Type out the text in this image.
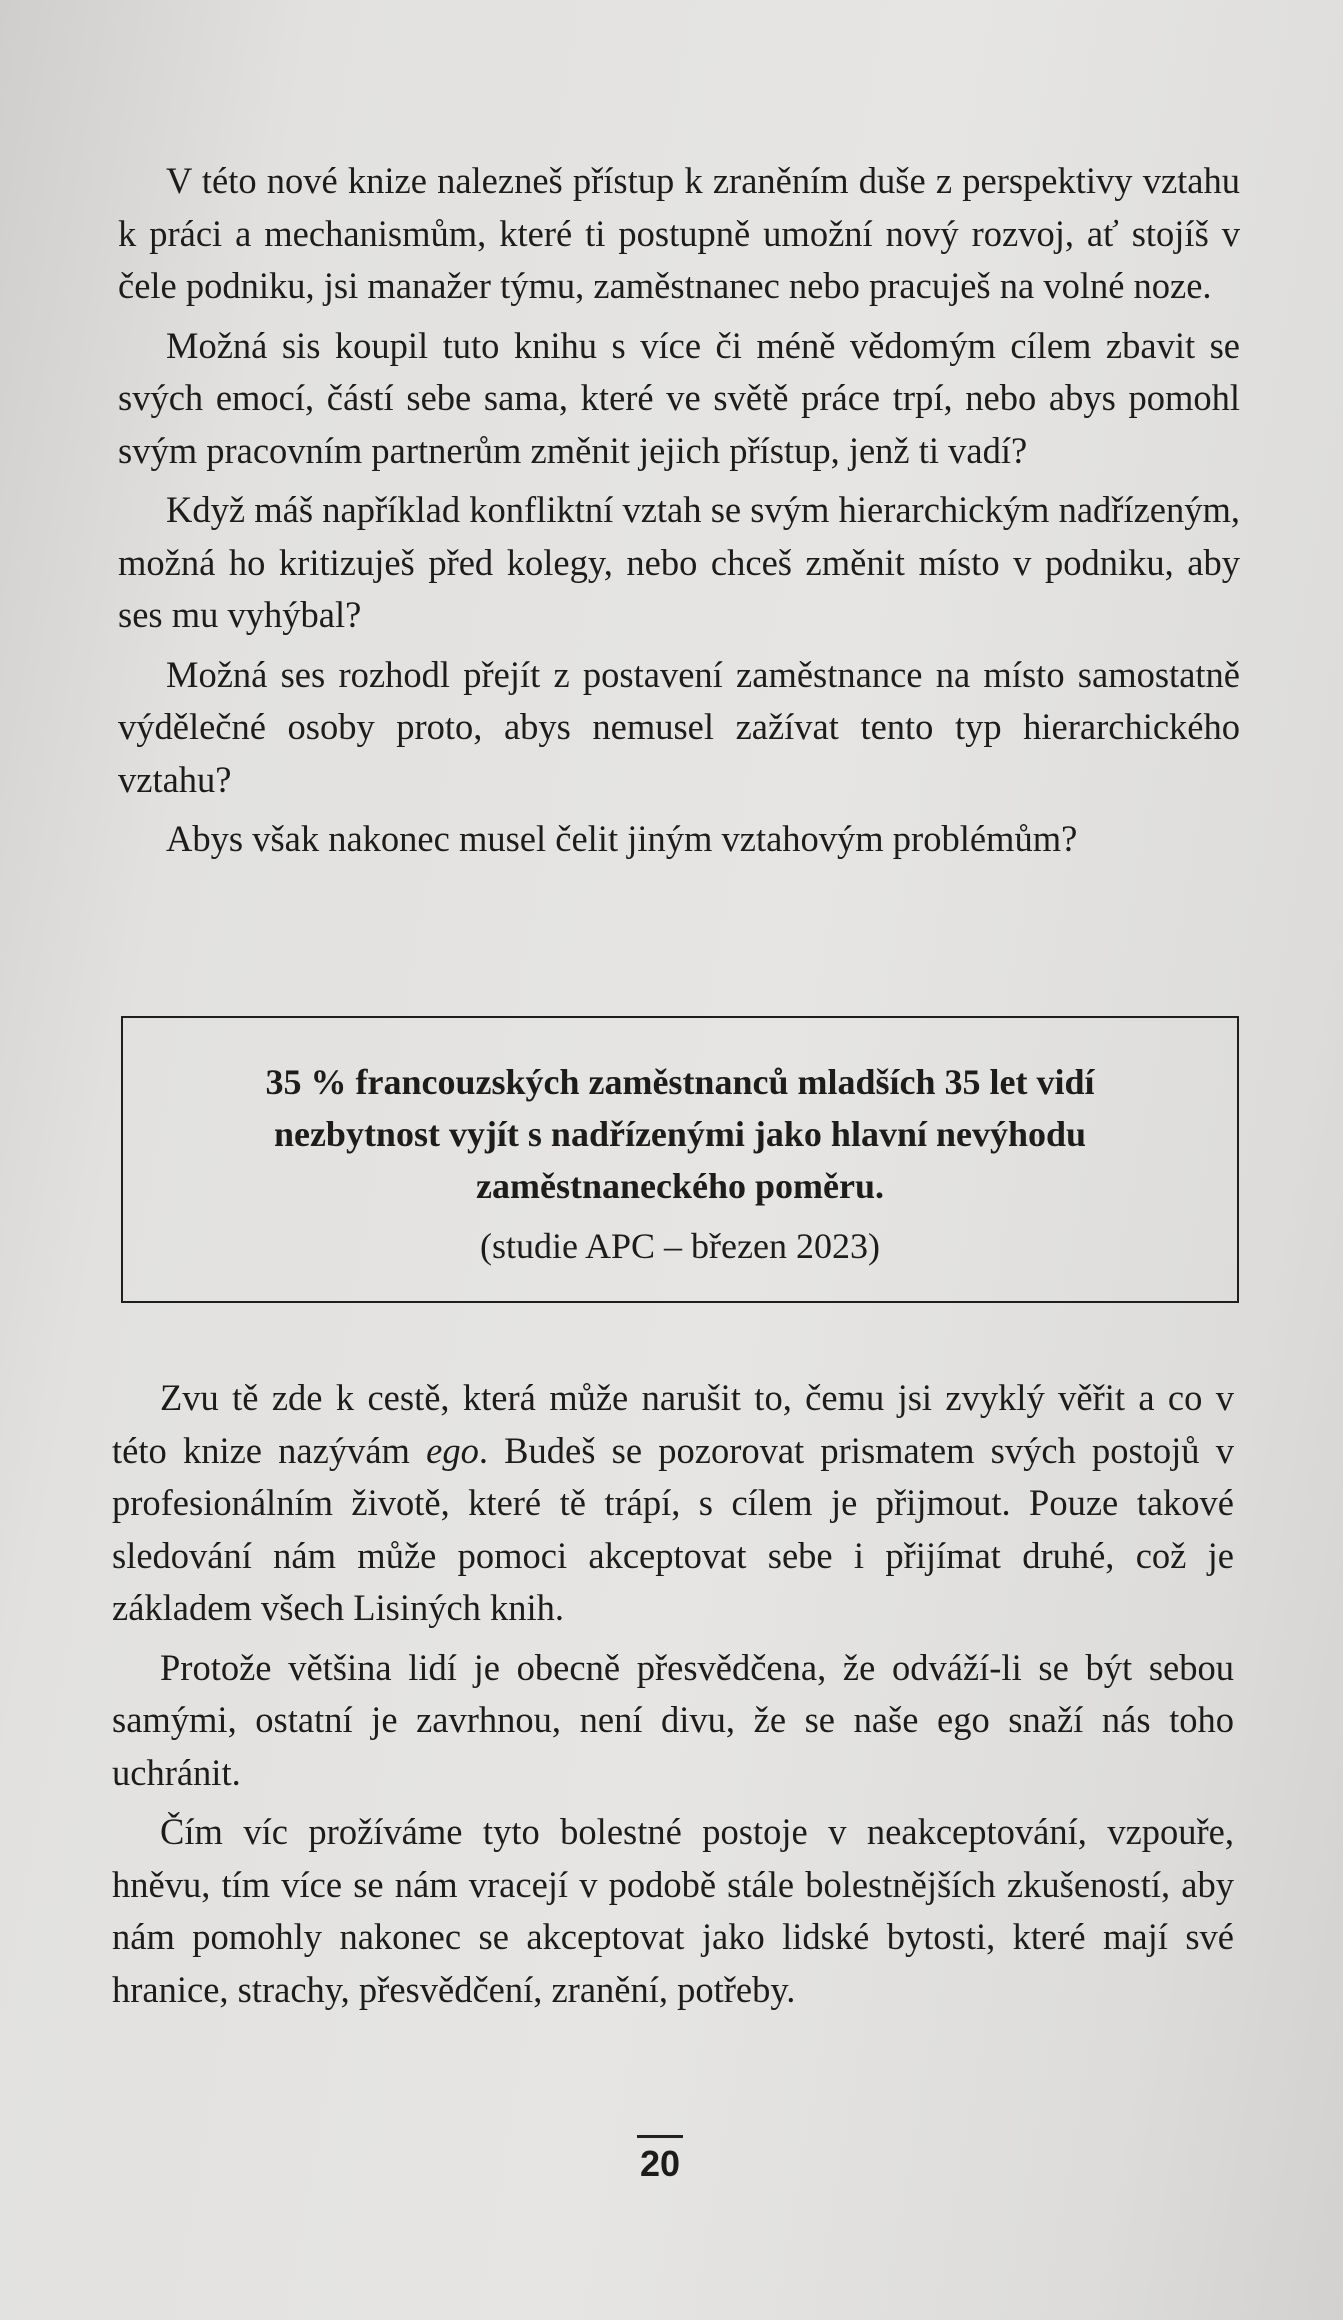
V této nové knize nalezneš přístup k zraněním duše z perspektivy vztahu k práci a mechanismům, které ti postupně umožní nový rozvoj, ať stojíš v čele podniku, jsi manažer týmu, zaměstnanec nebo pracuješ na volné noze.

Možná sis koupil tuto knihu s více či méně vědomým cílem zbavit se svých emocí, částí sebe sama, které ve světě práce trpí, nebo abys pomohl svým pracovním partnerům změnit jejich přístup, jenž ti vadí?

Když máš například konfliktní vztah se svým hierarchickým nadřízeným, možná ho kritizuješ před kolegy, nebo chceš změnit místo v podniku, aby ses mu vyhýbal?

Možná ses rozhodl přejít z postavení zaměstnance na místo samostatně výdělečné osoby proto, abys nemusel zažívat tento typ hierarchického vztahu?

Abys však nakonec musel čelit jiným vztahovým problémům?

35 % francouzských zaměstnanců mladších 35 let vidí nezbytnost vyjít s nadřízenými jako hlavní nevýhodu zaměstnaneckého poměru.
(studie APC – březen 2023)

Zvu tě zde k cestě, která může narušit to, čemu jsi zvyklý věřit a co v této knize nazývám ego. Budeš se pozorovat prismatem svých postojů v profesionálním životě, které tě trápí, s cílem je přijmout. Pouze takové sledování nám může pomoci akceptovat sebe i přijímat druhé, což je základem všech Lisiných knih.

Protože většina lidí je obecně přesvědčena, že odváží-li se být sebou samými, ostatní je zavrhnou, není divu, že se naše ego snaží nás toho uchránit.

Čím víc prožíváme tyto bolestné postoje v neakceptování, vzpouře, hněvu, tím více se nám vracejí v podobě stále bolestnějších zkušeností, aby nám pomohly nakonec se akceptovat jako lidské bytosti, které mají své hranice, strachy, přesvědčení, zranění, potřeby.

20
